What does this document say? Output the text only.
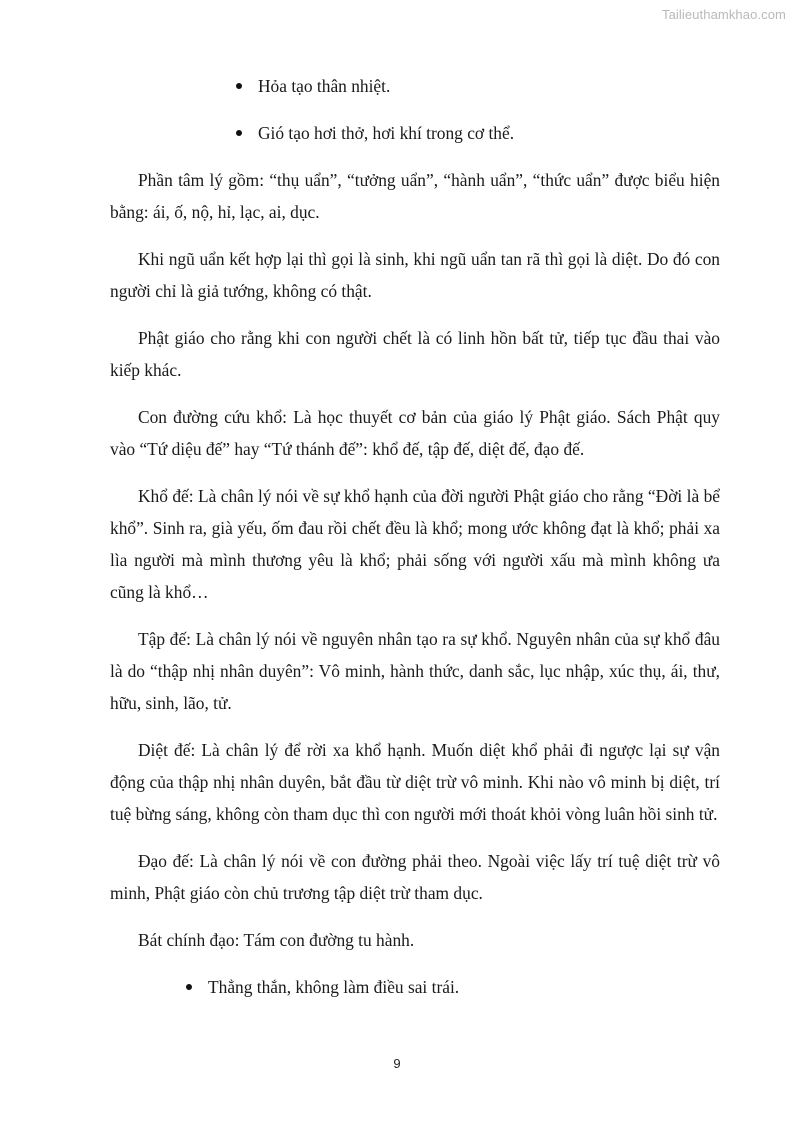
Tailieuthamkhao.com
Hỏa tạo thân nhiệt.
Gió tạo hơi thở, hơi khí trong cơ thể.

Phần tâm lý gồm: “thụ uẩn”, “tưởng uẩn”, “hành uẩn”, “thức uẩn” được biểu hiện bằng: ái, ố, nộ, hỉ, lạc, ai, dục.

Khi ngũ uẩn kết hợp lại thì gọi là sinh, khi ngũ uẩn tan rã thì gọi là diệt. Do đó con người chỉ là giả tướng, không có thật.

Phật giáo cho rằng khi con người chết là có linh hồn bất tử, tiếp tục đầu thai vào kiếp khác.

Con đường cứu khổ: Là học thuyết cơ bản của giáo lý Phật giáo. Sách Phật quy vào “Tứ diệu đế” hay “Tứ thánh đế”: khổ đế, tập đế, diệt đế, đạo đế.

Khổ đế: Là chân lý nói về sự khổ hạnh của đời người Phật giáo cho rằng “Đời là bể khổ”. Sinh ra, già yếu, ốm đau rồi chết đều là khổ; mong ước không đạt là khổ; phải xa lìa người mà mình thương yêu là khổ; phải sống với người xấu mà mình không ưa cũng là khổ…

Tập đế: Là chân lý nói về nguyên nhân tạo ra sự khổ. Nguyên nhân của sự khổ đâu là do “thập nhị nhân duyên”: Vô minh, hành thức, danh sắc, lục nhập, xúc thụ, ái, thư, hữu, sinh, lão, tử.

Diệt đế: Là chân lý để rời xa khổ hạnh. Muốn diệt khổ phải đi ngược lại sự vận động của thập nhị nhân duyên, bắt đầu từ diệt trừ vô minh. Khi nào vô minh bị diệt, trí tuệ bừng sáng, không còn tham dục thì con người mới thoát khỏi vòng luân hồi sinh tử.

Đạo đế: Là chân lý nói về con đường phải theo. Ngoài việc lấy trí tuệ diệt trừ vô minh, Phật giáo còn chủ trương tập diệt trừ tham dục.

Bát chính đạo: Tám con đường tu hành.

Thẳng thắn, không làm điều sai trái.
9
